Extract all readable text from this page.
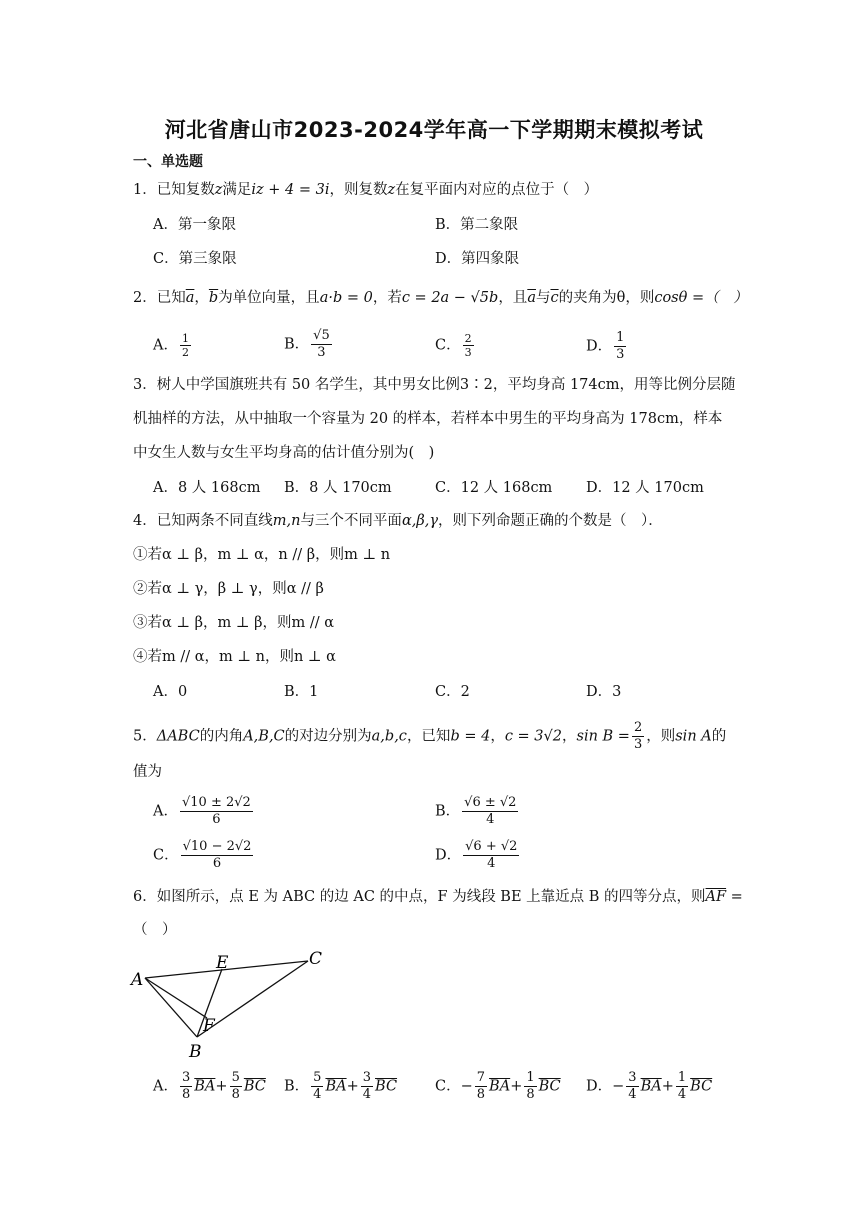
河北省唐山市2023-2024学年高一下学期期末模拟考试
一、单选题
1．已知复数z满足iz + 4 = 3i，则复数z在复平面内对应的点位于（　）
A．第一象限	B．第二象限
C．第三象限	D．第四象限
2．已知$\overline{a}$，$\overline{b}$为单位向量，且a·b = 0，若c = 2a − √5b，且$\overline{a}$与$\overline{c}$的夹角为θ，则cosθ =（　）
A． $\frac{1}{2}$	B． $\frac{√5}{3}$	C． $\frac{2}{3}$	D． $\frac{1}{3}$
3．树人中学国旗班共有 50 名学生，其中男女比例3∶2，平均身高 174cm，用等比例分层随
机抽样的方法，从中抽取一个容量为 20 的样本，若样本中男生的平均身高为 178cm，样本
中女生人数与女生平均身高的估计值分别为(　)
A．8 人 168cm B．8 人 170cm	C．12 人 168cm D．12 人 170cm
4．已知两条不同直线m,n与三个不同平面α,β,γ，则下列命题正确的个数是（　）．
①若α ⊥ β，m ⊥ α，n // β，则m ⊥ n
②若α ⊥ γ，β ⊥ γ，则α // β
③若α ⊥ β，m ⊥ β，则m // α
④若m // α，m ⊥ n，则n ⊥ α
A．0	B．1	C．2	D．3
5．ΔABC的内角A,B,C的对边分别为a,b,c，已知b = 4，c = 3√2，$\sin B = \frac{2}{3}$ ，则sin A的
值为
A． $\frac{√10 \pm 2√2}{6}$	B． $\frac{√6 \pm √2}{4}$
C． $\frac{√10 - 2√2}{6}$	D． $\frac{√6 + √2}{4}$
6．如图所示，点 E 为 ABC 的边 AC 的中点，F 为线段 BE 上靠近点 B 的四等分点，则$\overline{AF}$ =
（　）
A
B
C
E
F
A． $\frac{3}{8} \overline{BA}+ \frac{5}{8} \overline{BC}$ B． $\frac{5}{4} \overline{BA}+ \frac{3}{4} \overline{BC}$	C．− $\frac{7}{8} \overline{BA}+ \frac{1}{8} \overline{BC}$ D．− $\frac{3}{4} \overline{BA}+ \frac{1}{4} \overline{BC}$
